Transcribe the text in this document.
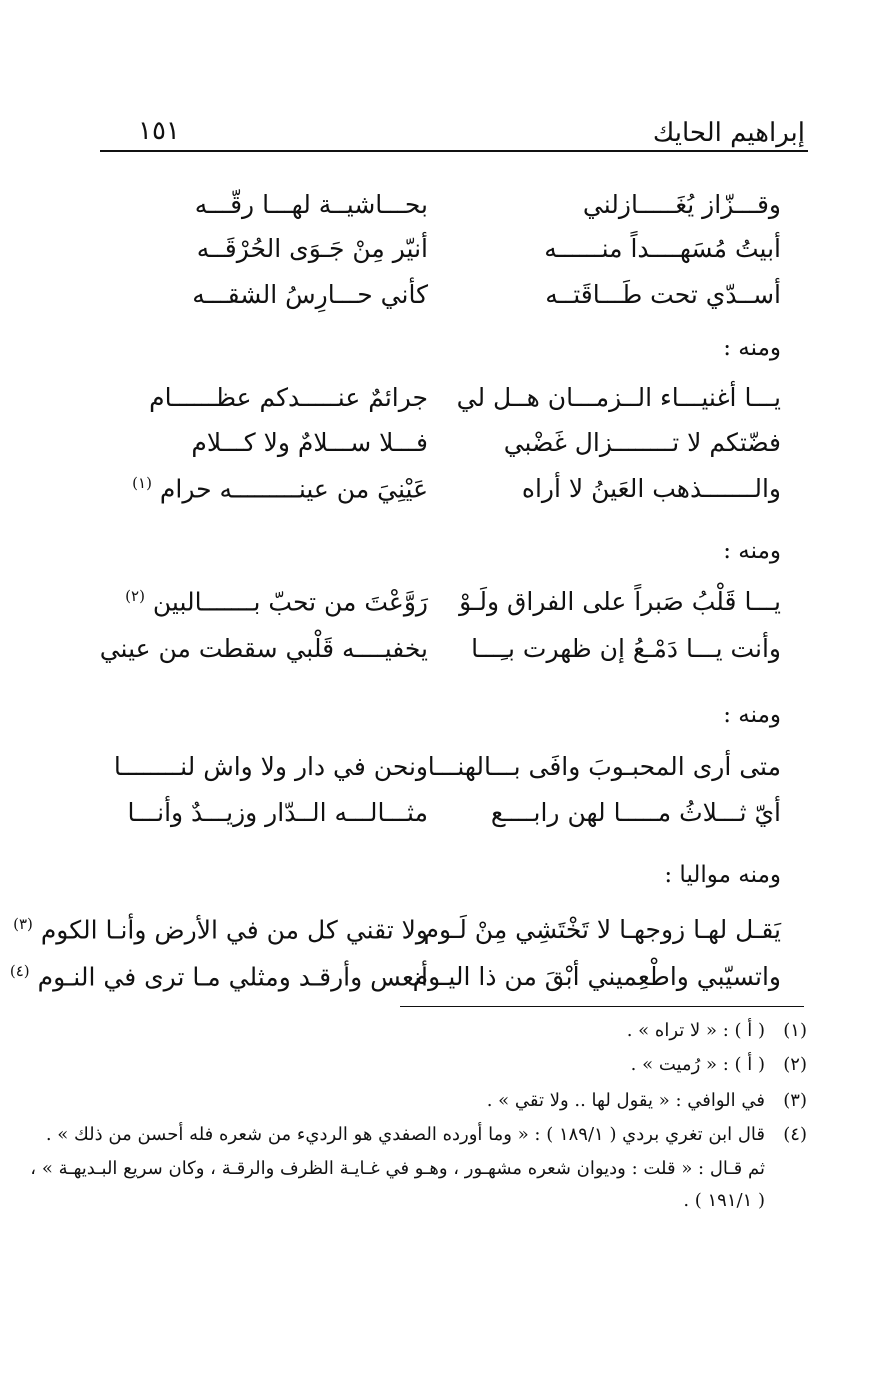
إبراهيم الحايك
١٥١
وقـــزّاز يُغَـــــازلني
بحـــاشيــة لهـــا رقّـــه
أبيتُ مُسَهــــداً منــــــه
أنيّر مِنْ جَـوَى الحُرْقَــه
أســدّي تحت طَـــاقَتــه
كأني حـــارِسُ الشقـــه
ومنه :
يـــا أغنيـــاء الــزمـــان هــل لي
جرائمٌ عنـــــدكم عظــــــام
فضّتكم لا تــــــــزال غَضْبي
فـــلا ســـلامٌ ولا كـــلام
والـــــــذهب العَينُ لا أراه
عَيْنِيَ من عينـــــــــه حرام $^{(١)}$
ومنه :
يـــا قَلْبُ صَبراً على الفراق ولَـوْ
رَوَّعْتَ من تحبّ بـــــــالبين $^{(٢)}$
وأنت يـــا دَمْـعُ إن ظهرت بـِـــا
يخفيــــه قَلْبي سقطت من عيني
ومنه :
متى أرى المحبـوبَ وافَى بـــالهنـــا
ونحن في دار ولا واش لنــــــــا
أيّ ثـــلاثُ مـــــا لهن رابــــع
مثـــالـــه الــدّار وزيـــدٌ وأنـــا
ومنه مواليا :
يَقـل لهـا زوجهـا لا تَخْتَشِي مِنْ لَـوم
ولا تقني كل من في الأرض وأنـا الكوم $^{(٣)}$
واتسيّبي واطْعِميني أبْقَ من ذا اليـوم
أنعس وأرقـد ومثلي مـا ترى في النـوم $^{(٤)}$
(١)( أ ) : « لا تراه » .
(٢)( أ ) : « رُميت » .
(٣)في الوافي : « يقول لها .. ولا تقي » .
(٤)قال ابن تغري بردي ( ١٨٩/١ ) : « وما أورده الصفدي هو الرديء من شعره فله أحسن من ذلك » .
ثم قـال : « قلت : وديوان شعره مشهـور ، وهـو في غـايـة الظرف والرقـة ، وكان سريع البـديهـة » ،
( ١٩١/١ ) .
